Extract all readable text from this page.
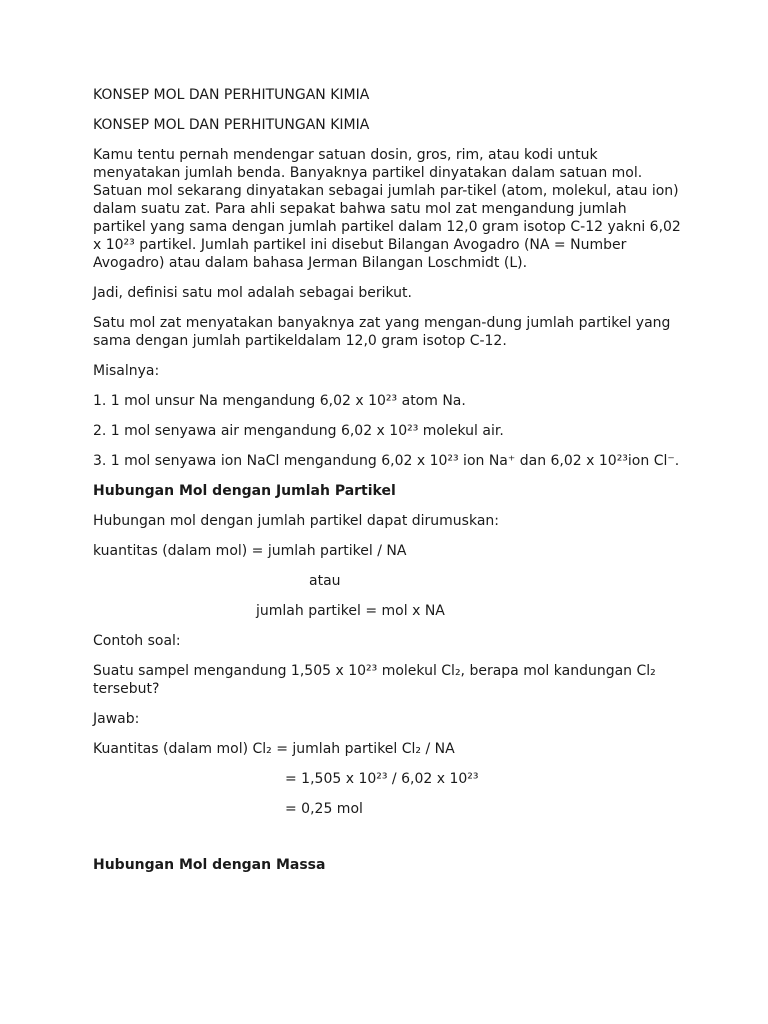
KONSEP MOL DAN PERHITUNGAN KIMIA

KONSEP MOL DAN PERHITUNGAN KIMIA

Kamu tentu pernah mendengar satuan dosin, gros, rim, atau kodi untuk menyatakan jumlah benda. Banyaknya partikel dinyatakan dalam satuan mol. Satuan mol sekarang dinyatakan sebagai jumlah par-tikel (atom, molekul, atau ion) dalam suatu zat. Para ahli sepakat bahwa satu mol zat mengandung jumlah partikel yang sama dengan jumlah partikel dalam 12,0 gram isotop C-12 yakni 6,02 x 10²³ partikel. Jumlah partikel ini disebut Bilangan Avogadro (NA = Number Avogadro) atau dalam bahasa Jerman Bilangan Loschmidt (L).

Jadi, definisi satu mol adalah sebagai berikut.

Satu mol zat menyatakan banyaknya zat yang mengan-dung jumlah partikel yang sama dengan jumlah partikeldalam 12,0 gram isotop C-12.

Misalnya:

1. 1 mol unsur Na mengandung 6,02 x 10²³ atom Na.

2. 1 mol senyawa air mengandung 6,02 x 10²³ molekul air.

3. 1 mol senyawa ion NaCl mengandung 6,02 x 10²³ ion Na⁺ dan 6,02 x 10²³ion Cl⁻.

Hubungan Mol dengan Jumlah Partikel

Hubungan mol dengan jumlah partikel dapat dirumuskan:

kuantitas (dalam mol) = jumlah partikel / NA

atau

jumlah partikel = mol x NA

Contoh soal:

Suatu sampel mengandung 1,505 x 10²³ molekul Cl₂, berapa mol kandungan Cl₂ tersebut?

Jawab:

Kuantitas (dalam mol) Cl₂ = jumlah partikel Cl₂ / NA

= 1,505 x 10²³ / 6,02 x 10²³

= 0,25 mol

Hubungan Mol dengan Massa
